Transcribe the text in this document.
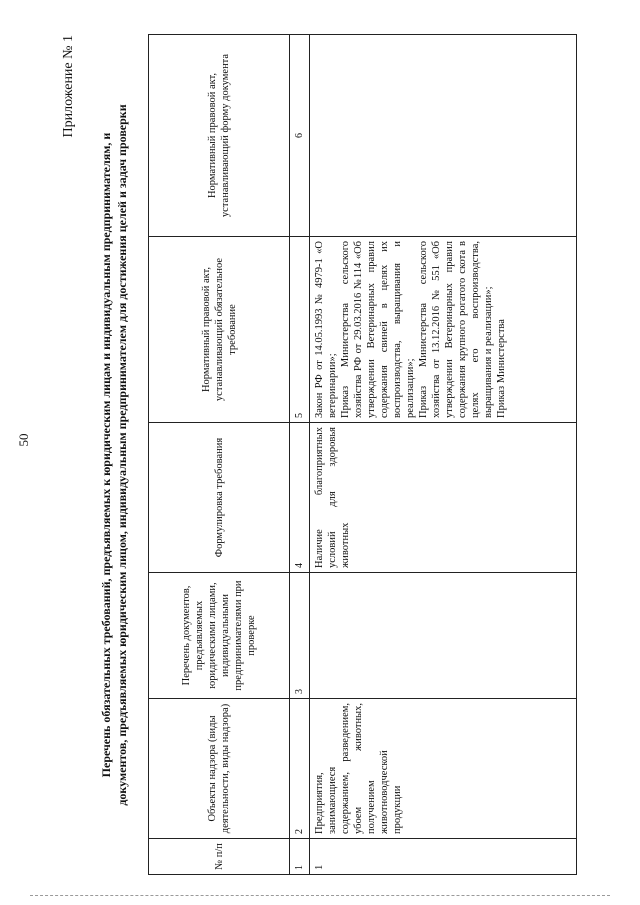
50
Приложение № 1
Перечень обязательных требований, предъявляемых к юридическим лицам и индивидуальным предпринимателям, и документов, предъявляемых юридическим лицом, индивидуальным предпринимателем для достижения целей и задач проверки
№ п/п	Объекты надзора (виды деятельности, виды надзора)	Перечень документов, предъявляемых юридическими лицами, индивидуальными предпринимателями при проверке	Формулировка требования	Нормативный правовой акт, устанавливающий обязательное требование	Нормативный правовой акт, устанавливающий форму документа
1	2	3	4	5	6
1	Предприятия, занимающиеся содержанием, разведением, убоем животных, получением животноводческой продукции		Наличие благоприятных условий для здоровья животных	Закон РФ от 14.05.1993 № 4979-1 «О ветеринарии»; Приказ Министерства сельского хозяйства РФ от 29.03.2016 №114 «Об утверждении Ветеринарных правил содержания свиней в целях их воспроизводства, выращивания и реализации»; Приказ Министерства сельского хозяйства от 13.12.2016 № 551 «Об утверждении Ветеринарных правил содержания крупного рогатого скота в целях его воспроизводства, выращивания и реализации»; Приказ Министерства	
